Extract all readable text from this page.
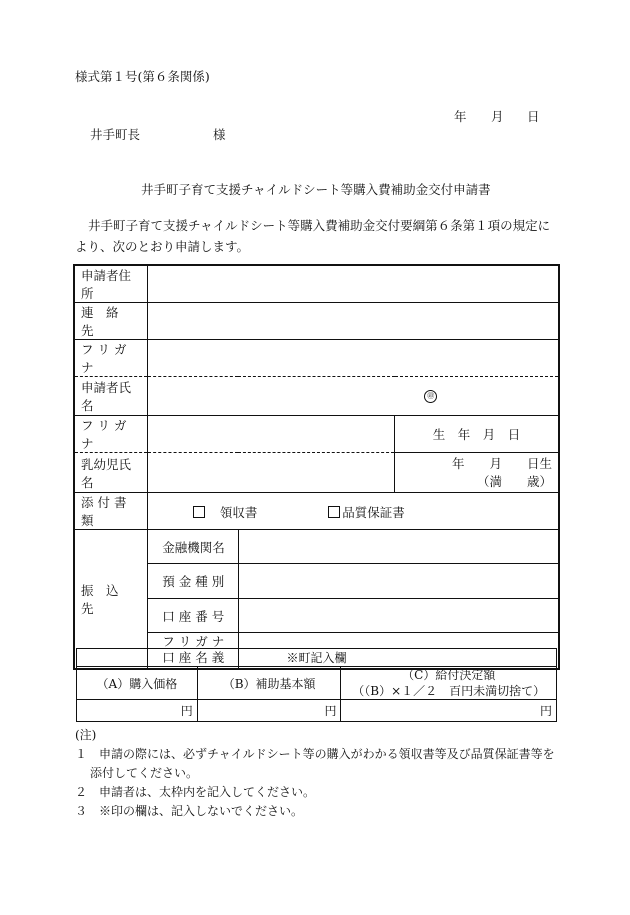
様式第１号(第６条関係)
年 月 日
井手町長	様
井手町子育て支援チャイルドシート等購入費補助金交付申請書
井手町子育て支援チャイルドシート等購入費補助金交付要綱第６条第１項の規定に
より、次のとおり申請します。
申請者住所			
連　絡　先			
フ リ ガ ナ			
申請者氏名	㊞		

フ リ ガ ナ			生　年　月　日
乳幼児氏名			年　　月　　日生
（満　　歳）

添 付 書 類	
　領収書 品質保証書		

振　込　先	金融機関名		
	預 金 種 別		
	口 座 番 号		

	フ リ ガ ナ
口 座 名 義		
		※町記入欄		
（A）購入価格	（B）補助基本額	（C）給付決定額
（（B）×１／２　百円未満切捨て）

円	円	円
(注)
１　申請の際には、必ずチャイルドシート等の購入がわかる領収書等及び品質保証書等を
添付してください。
２　申請者は、太枠内を記入してください。
３　※印の欄は、記入しないでください。
